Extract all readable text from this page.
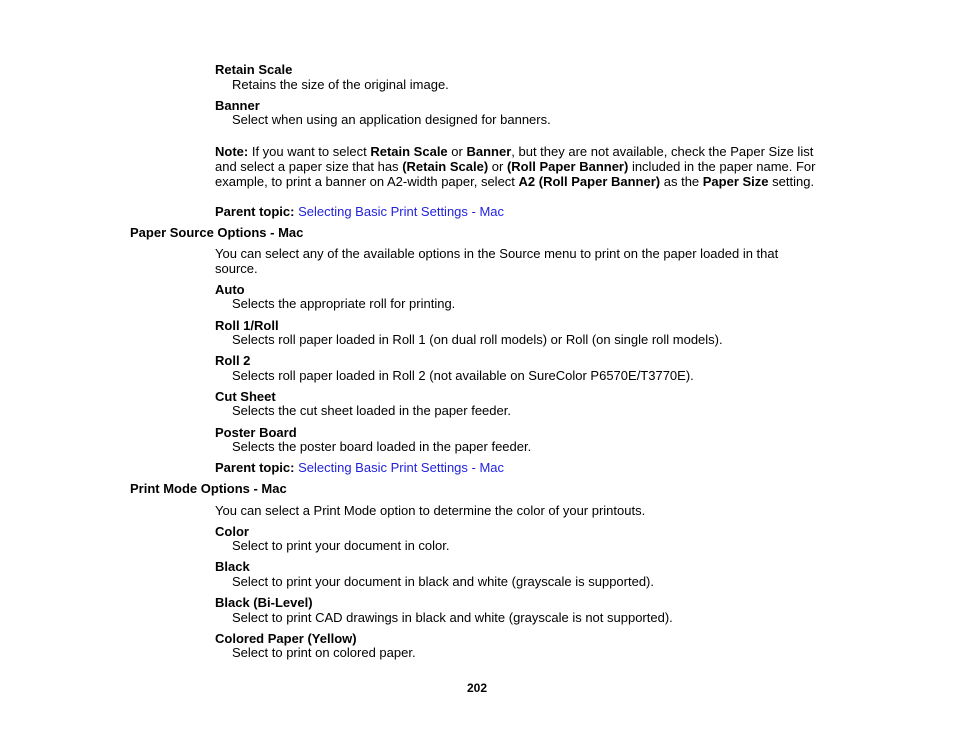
Retain Scale
Retains the size of the original image.
Banner
Select when using an application designed for banners.
Note: If you want to select Retain Scale or Banner, but they are not available, check the Paper Size list and select a paper size that has (Retain Scale) or (Roll Paper Banner) included in the paper name. For example, to print a banner on A2-width paper, select A2 (Roll Paper Banner) as the Paper Size setting.
Parent topic: Selecting Basic Print Settings - Mac
Paper Source Options - Mac
You can select any of the available options in the Source menu to print on the paper loaded in that source.
Auto
Selects the appropriate roll for printing.
Roll 1/Roll
Selects roll paper loaded in Roll 1 (on dual roll models) or Roll (on single roll models).
Roll 2
Selects roll paper loaded in Roll 2 (not available on SureColor P6570E/T3770E).
Cut Sheet
Selects the cut sheet loaded in the paper feeder.
Poster Board
Selects the poster board loaded in the paper feeder.
Parent topic: Selecting Basic Print Settings - Mac
Print Mode Options - Mac
You can select a Print Mode option to determine the color of your printouts.
Color
Select to print your document in color.
Black
Select to print your document in black and white (grayscale is supported).
Black (Bi-Level)
Select to print CAD drawings in black and white (grayscale is not supported).
Colored Paper (Yellow)
Select to print on colored paper.
202
